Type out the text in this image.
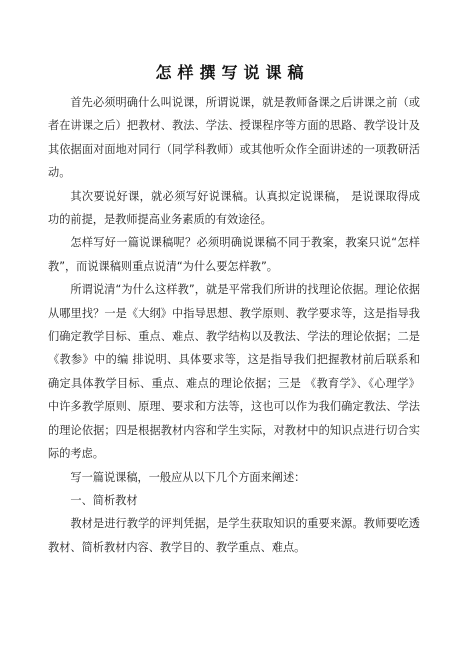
怎样撰写说课稿

首先必须明确什么叫说课，所谓说课，就是教师备课之后讲课之前（或者在讲课之后）把教材、教法、学法、授课程序等方面的思路、教学设计及其依据面对面地对同行（同学科教师）或其他听众作全面讲述的一项教研活动。

其次要说好课，就必须写好说课稿。认真拟定说课稿， 是说课取得成功的前提，是教师提高业务素质的有效途径。

怎样写好一篇说课稿呢？必须明确说课稿不同于教案，教案只说“怎样教”，而说课稿则重点说清“为什么要怎样教”。

所谓说清“为什么这样教”，就是平常我们所讲的找理论依据。理论依据从哪里找？一是《大纲》中指导思想、教学原则、教学要求等，这是指导我们确定教学目标、重点、难点、教学结构以及教法、学法的理论依据；二是《教参》中的编 排说明、具体要求等，这是指导我们把握教材前后联系和确定具体教学目标、重点、难点的理论依据；三是 《教育学》、《心理学》中许多教学原则、原理、要求和方法等，这也可以作为我们确定教法、学法的理论依据；四是根据教材内容和学生实际，对教材中的知识点进行切合实际的考虑。

写一篇说课稿，一般应从以下几个方面来阐述：

一、简析教材

教材是进行教学的评判凭据，是学生获取知识的重要来源。教师要吃透教材、简析教材内容、教学目的、教学重点、难点。
